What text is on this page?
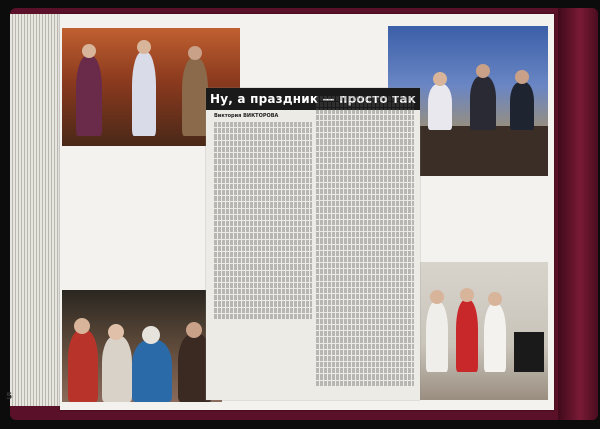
5
Ну, а праздник — просто так
Виктория ВИКТОРОВА
